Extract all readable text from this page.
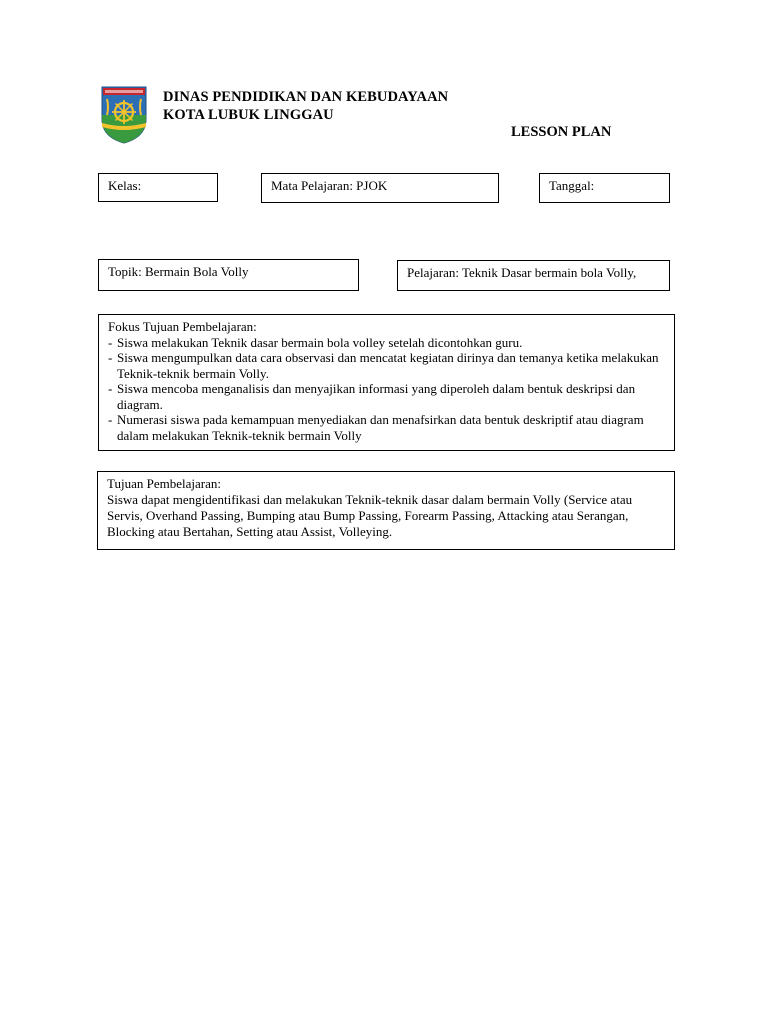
DINAS PENDIDIKAN DAN KEBUDAYAAN
KOTA LUBUK LINGGAU
LESSON PLAN
Kelas:	Mata Pelajaran: PJOK	Tanggal:
Topik: Bermain Bola Volly	Pelajaran: Teknik Dasar bermain bola Volly,
Fokus Tujuan Pembelajaran:
- Siswa melakukan Teknik dasar bermain bola volley setelah dicontohkan guru.
- Siswa mengumpulkan data cara observasi dan mencatat kegiatan dirinya dan temanya ketika melakukan Teknik-teknik bermain Volly.
- Siswa mencoba menganalisis dan menyajikan informasi yang diperoleh dalam bentuk deskripsi dan diagram.
- Numerasi siswa pada kemampuan menyediakan dan menafsirkan data bentuk deskriptif atau diagram dalam melakukan Teknik-teknik bermain Volly
Tujuan Pembelajaran:
Siswa dapat mengidentifikasi dan melakukan Teknik-teknik dasar dalam bermain Volly (Service atau Servis, Overhand Passing, Bumping atau Bump Passing, Forearm Passing, Attacking atau Serangan, Blocking atau Bertahan, Setting atau Assist, Volleying.
